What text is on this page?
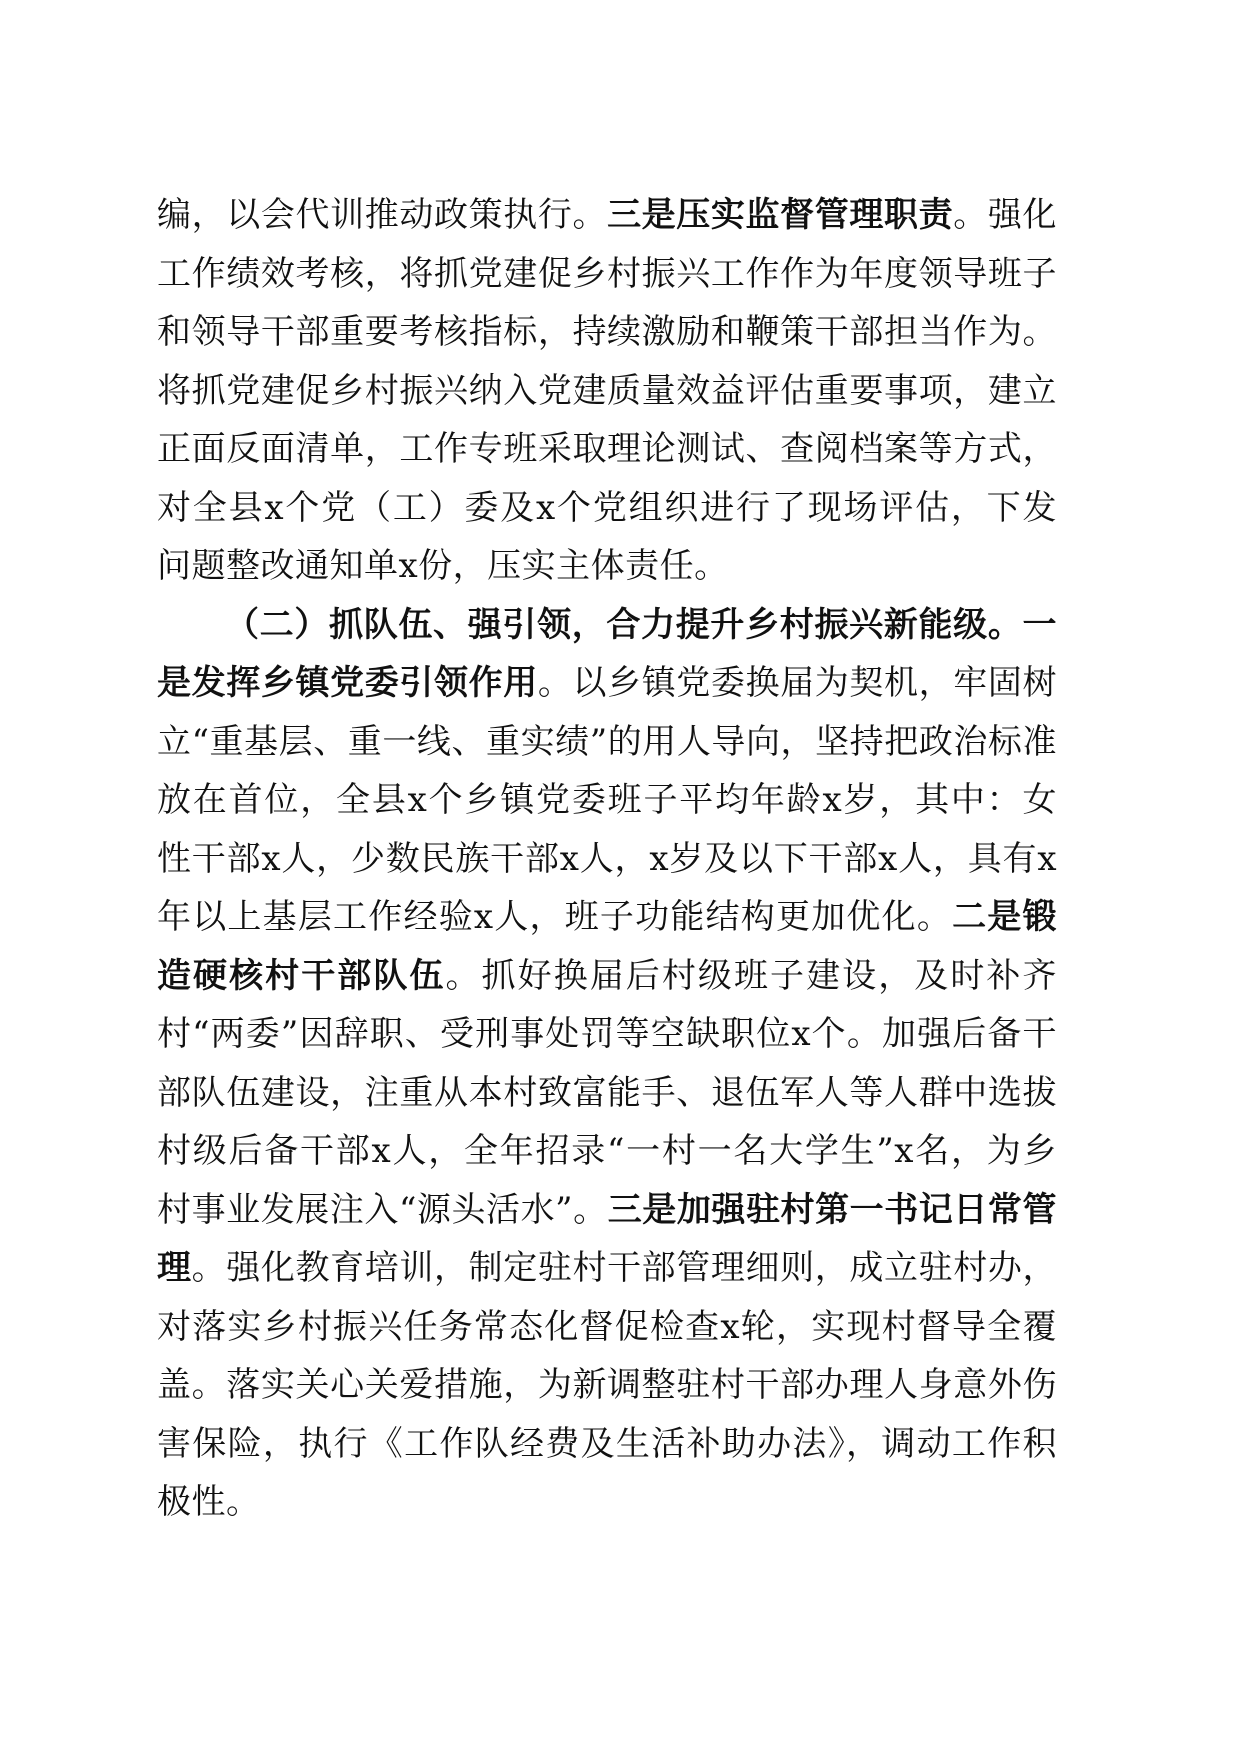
编，以会代训推动政策执行。三是压实监督管理职责。强化工作绩效考核，将抓党建促乡村振兴工作作为年度领导班子和领导干部重要考核指标，持续激励和鞭策干部担当作为。将抓党建促乡村振兴纳入党建质量效益评估重要事项，建立正面反面清单，工作专班采取理论测试、查阅档案等方式，对全县x个党（工）委及x个党组织进行了现场评估，下发问题整改通知单x份，压实主体责任。

（二）抓队伍、强引领，合力提升乡村振兴新能级。一是发挥乡镇党委引领作用。以乡镇党委换届为契机，牢固树立“重基层、重一线、重实绩”的用人导向，坚持把政治标准放在首位，全县x个乡镇党委班子平均年龄x岁，其中：女性干部x人，少数民族干部x人，x岁及以下干部x人，具有x年以上基层工作经验x人，班子功能结构更加优化。二是锻造硬核村干部队伍。抓好换届后村级班子建设，及时补齐村“两委”因辞职、受刑事处罚等空缺职位x个。加强后备干部队伍建设，注重从本村致富能手、退伍军人等人群中选拔村级后备干部x人，全年招录“一村一名大学生”x名，为乡村事业发展注入“源头活水”。三是加强驻村第一书记日常管理。强化教育培训，制定驻村干部管理细则，成立驻村办，对落实乡村振兴任务常态化督促检查x轮，实现村督导全覆盖。落实关心关爱措施，为新调整驻村干部办理人身意外伤害保险，执行《工作队经费及生活补助办法》，调动工作积极性。
